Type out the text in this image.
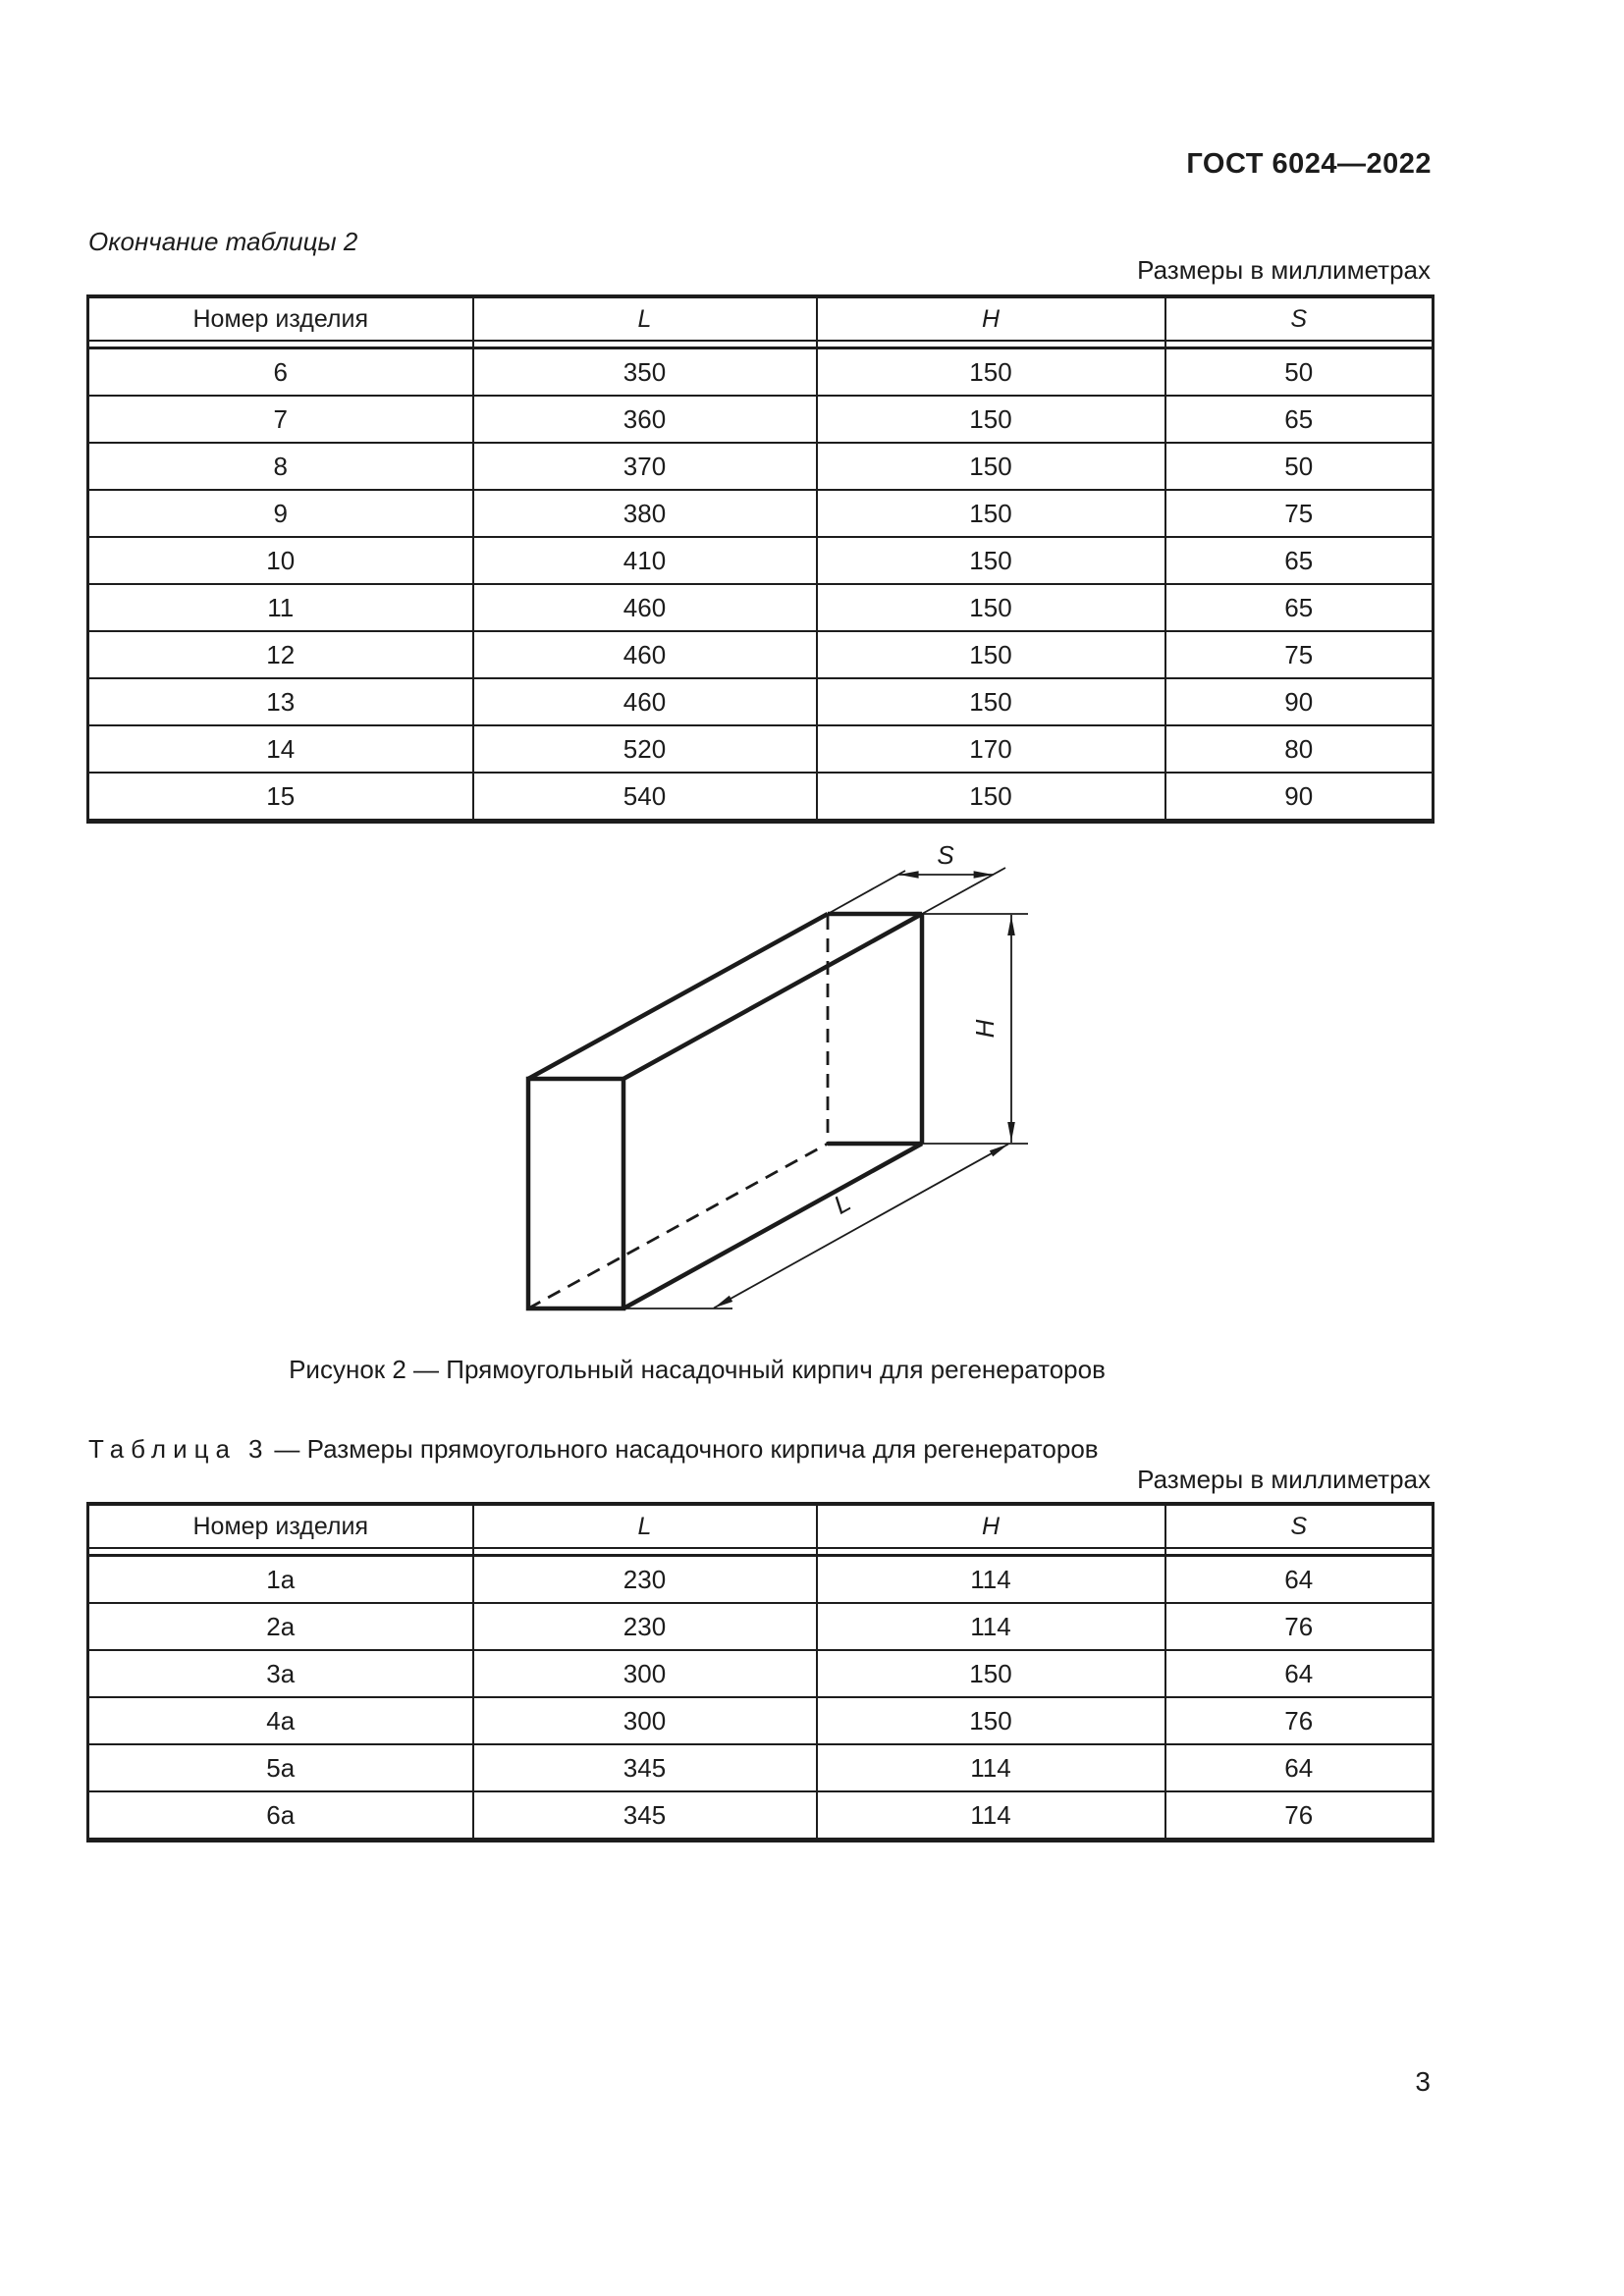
ГОСТ 6024—2022
Окончание таблицы 2
Размеры в миллиметрах
Номер изделия	L	H	S

6	350	150	50
7	360	150	65
8	370	150	50
9	380	150	75
10	410	150	65
11	460	150	65
12	460	150	75
13	460	150	90
14	520	170	80
15	540	150	90
S
H
L
Рисунок 2 — Прямоугольный насадочный кирпич для регенераторов
Таблица 3 — Размеры прямоугольного насадочного кирпича для регенераторов
Размеры в миллиметрах
Номер изделия	L	H	S

1а	230	114	64
2а	230	114	76
3а	300	150	64
4а	300	150	76
5а	345	114	64
6а	345	114	76
3
